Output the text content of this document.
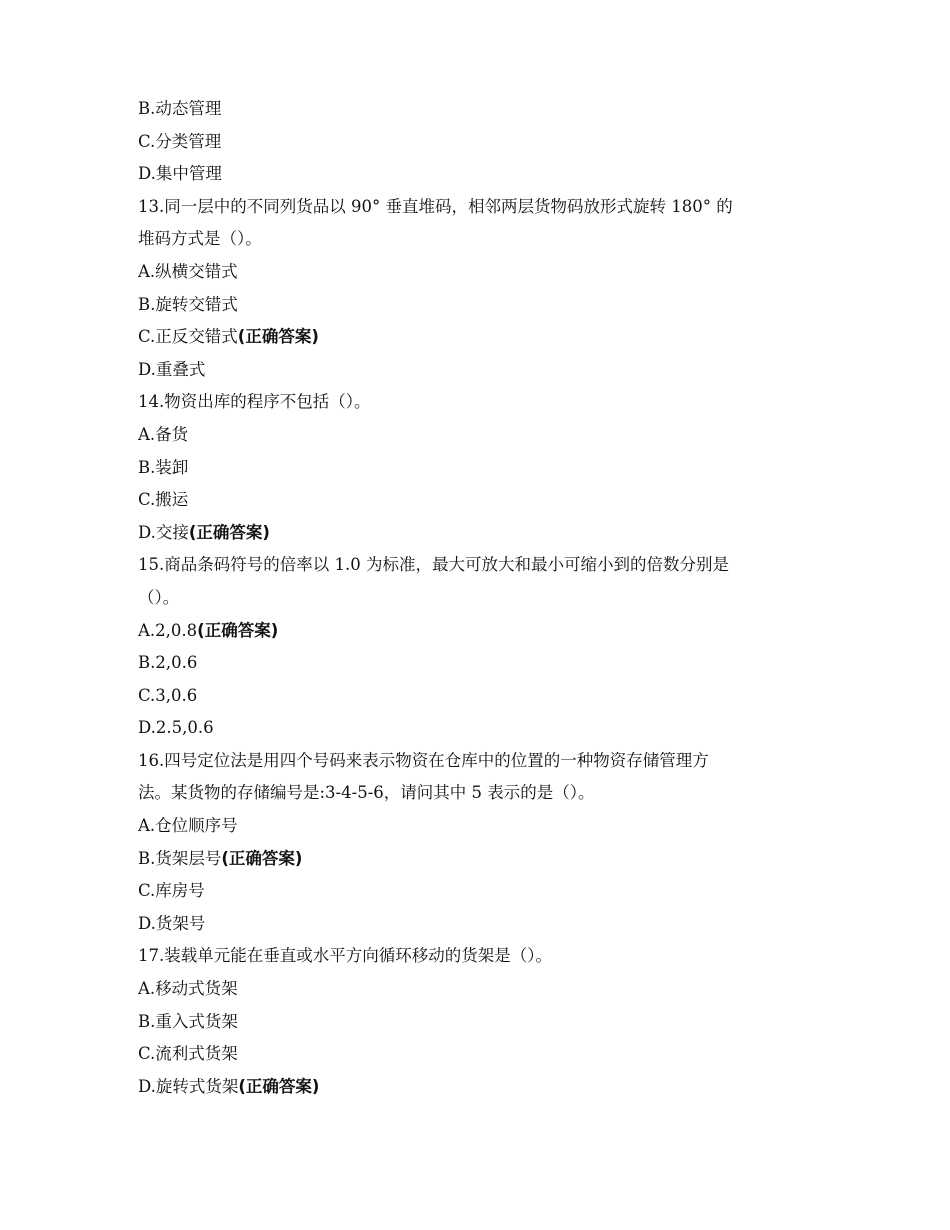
B.动态管理
C.分类管理
D.集中管理
13.同一层中的不同列货品以 90° 垂直堆码，相邻两层货物码放形式旋转 180° 的
堆码方式是（）。
A.纵横交错式
B.旋转交错式
C.正反交错式(正确答案)
D.重叠式
14.物资出库的程序不包括（）。
A.备货
B.装卸
C.搬运
D.交接(正确答案)
15.商品条码符号的倍率以 1.0 为标准，最大可放大和最小可缩小到的倍数分别是
（）。
A.2,0.8(正确答案)
B.2,0.6
C.3,0.6
D.2.5,0.6
16.四号定位法是用四个号码来表示物资在仓库中的位置的一种物资存储管理方
法。某货物的存储编号是:3-4-5-6，请问其中 5 表示的是（）。
A.仓位顺序号
B.货架层号(正确答案)
C.库房号
D.货架号
17.装载单元能在垂直或水平方向循环移动的货架是（）。
A.移动式货架
B.重入式货架
C.流利式货架
D.旋转式货架(正确答案)
